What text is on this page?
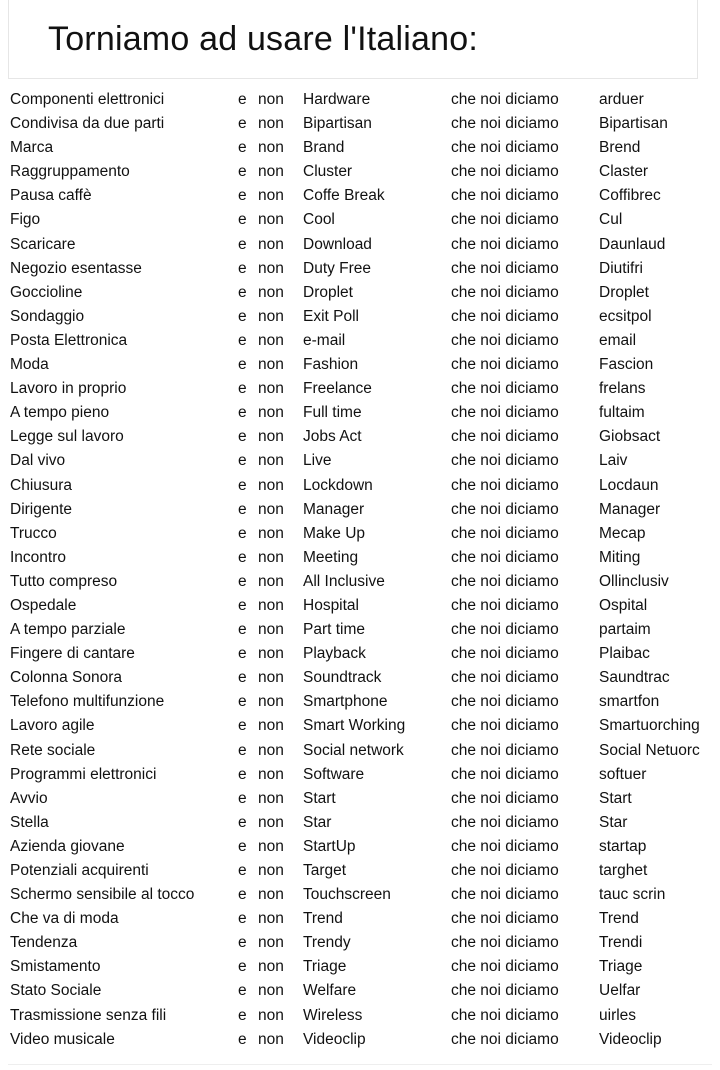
Torniamo ad usare l'Italiano:
Componenti elettronici	e non Hardware	che noi diciamo	arduer
Condivisa da due parti	e non Bipartisan	che noi diciamo	Bipartisan
Marca	e non Brand	che noi diciamo	Brend
Raggruppamento	e non Cluster	che noi diciamo	Claster
Pausa caffè	e non Coffe Break	che noi diciamo	Coffibrec
Figo	e non Cool	che noi diciamo	Cul
Scaricare	e non Download	che noi diciamo	Daunlaud
Negozio esentasse	e non Duty Free	che noi diciamo	Diutifri
Goccioline	e non Droplet	che noi diciamo	Droplet
Sondaggio	e non Exit Poll	che noi diciamo	ecsitpol
Posta Elettronica	e non e-mail	che noi diciamo	email
Moda	e non Fashion	che noi diciamo	Fascion
Lavoro in proprio	e non Freelance	che noi diciamo	frelans
A tempo pieno	e non Full time	che noi diciamo	fultaim
Legge sul lavoro	e non Jobs Act	che noi diciamo	Giobsact
Dal vivo	e non Live	che noi diciamo	Laiv
Chiusura	e non Lockdown	che noi diciamo	Locdaun
Dirigente	e non Manager	che noi diciamo	Manager
Trucco	e non Make Up	che noi diciamo	Mecap
Incontro	e non Meeting	che noi diciamo	Miting
Tutto compreso	e non All Inclusive	che noi diciamo	Ollinclusiv
Ospedale	e non Hospital	che noi diciamo	Ospital
A tempo parziale	e non Part time	che noi diciamo	partaim
Fingere di cantare	e non Playback	che noi diciamo	Plaibac
Colonna Sonora	e non Soundtrack	che noi diciamo	Saundtrac
Telefono multifunzione	e non Smartphone	che noi diciamo	smartfon
Lavoro agile	e non Smart Working	che noi diciamo	Smartuorching
Rete sociale	e non Social network	che noi diciamo	Social Netuorc
Programmi elettronici	e non Software	che noi diciamo	softuer
Avvio	e non Start	che noi diciamo	Start
Stella	e non Star	che noi diciamo	Star
Azienda giovane	e non StartUp	che noi diciamo	startap
Potenziali acquirenti	e non Target	che noi diciamo	targhet
Schermo sensibile al tocco	e non Touchscreen	che noi diciamo	tauc scrin
Che va di moda	e non Trend	che noi diciamo	Trend
Tendenza	e non Trendy	che noi diciamo	Trendi
Smistamento	e non Triage	che noi diciamo	Triage
Stato Sociale	e non Welfare	che noi diciamo	Uelfar
Trasmissione senza fili	e non Wireless	che noi diciamo	uirles
Video musicale	e non Videoclip	che noi diciamo	Videoclip
